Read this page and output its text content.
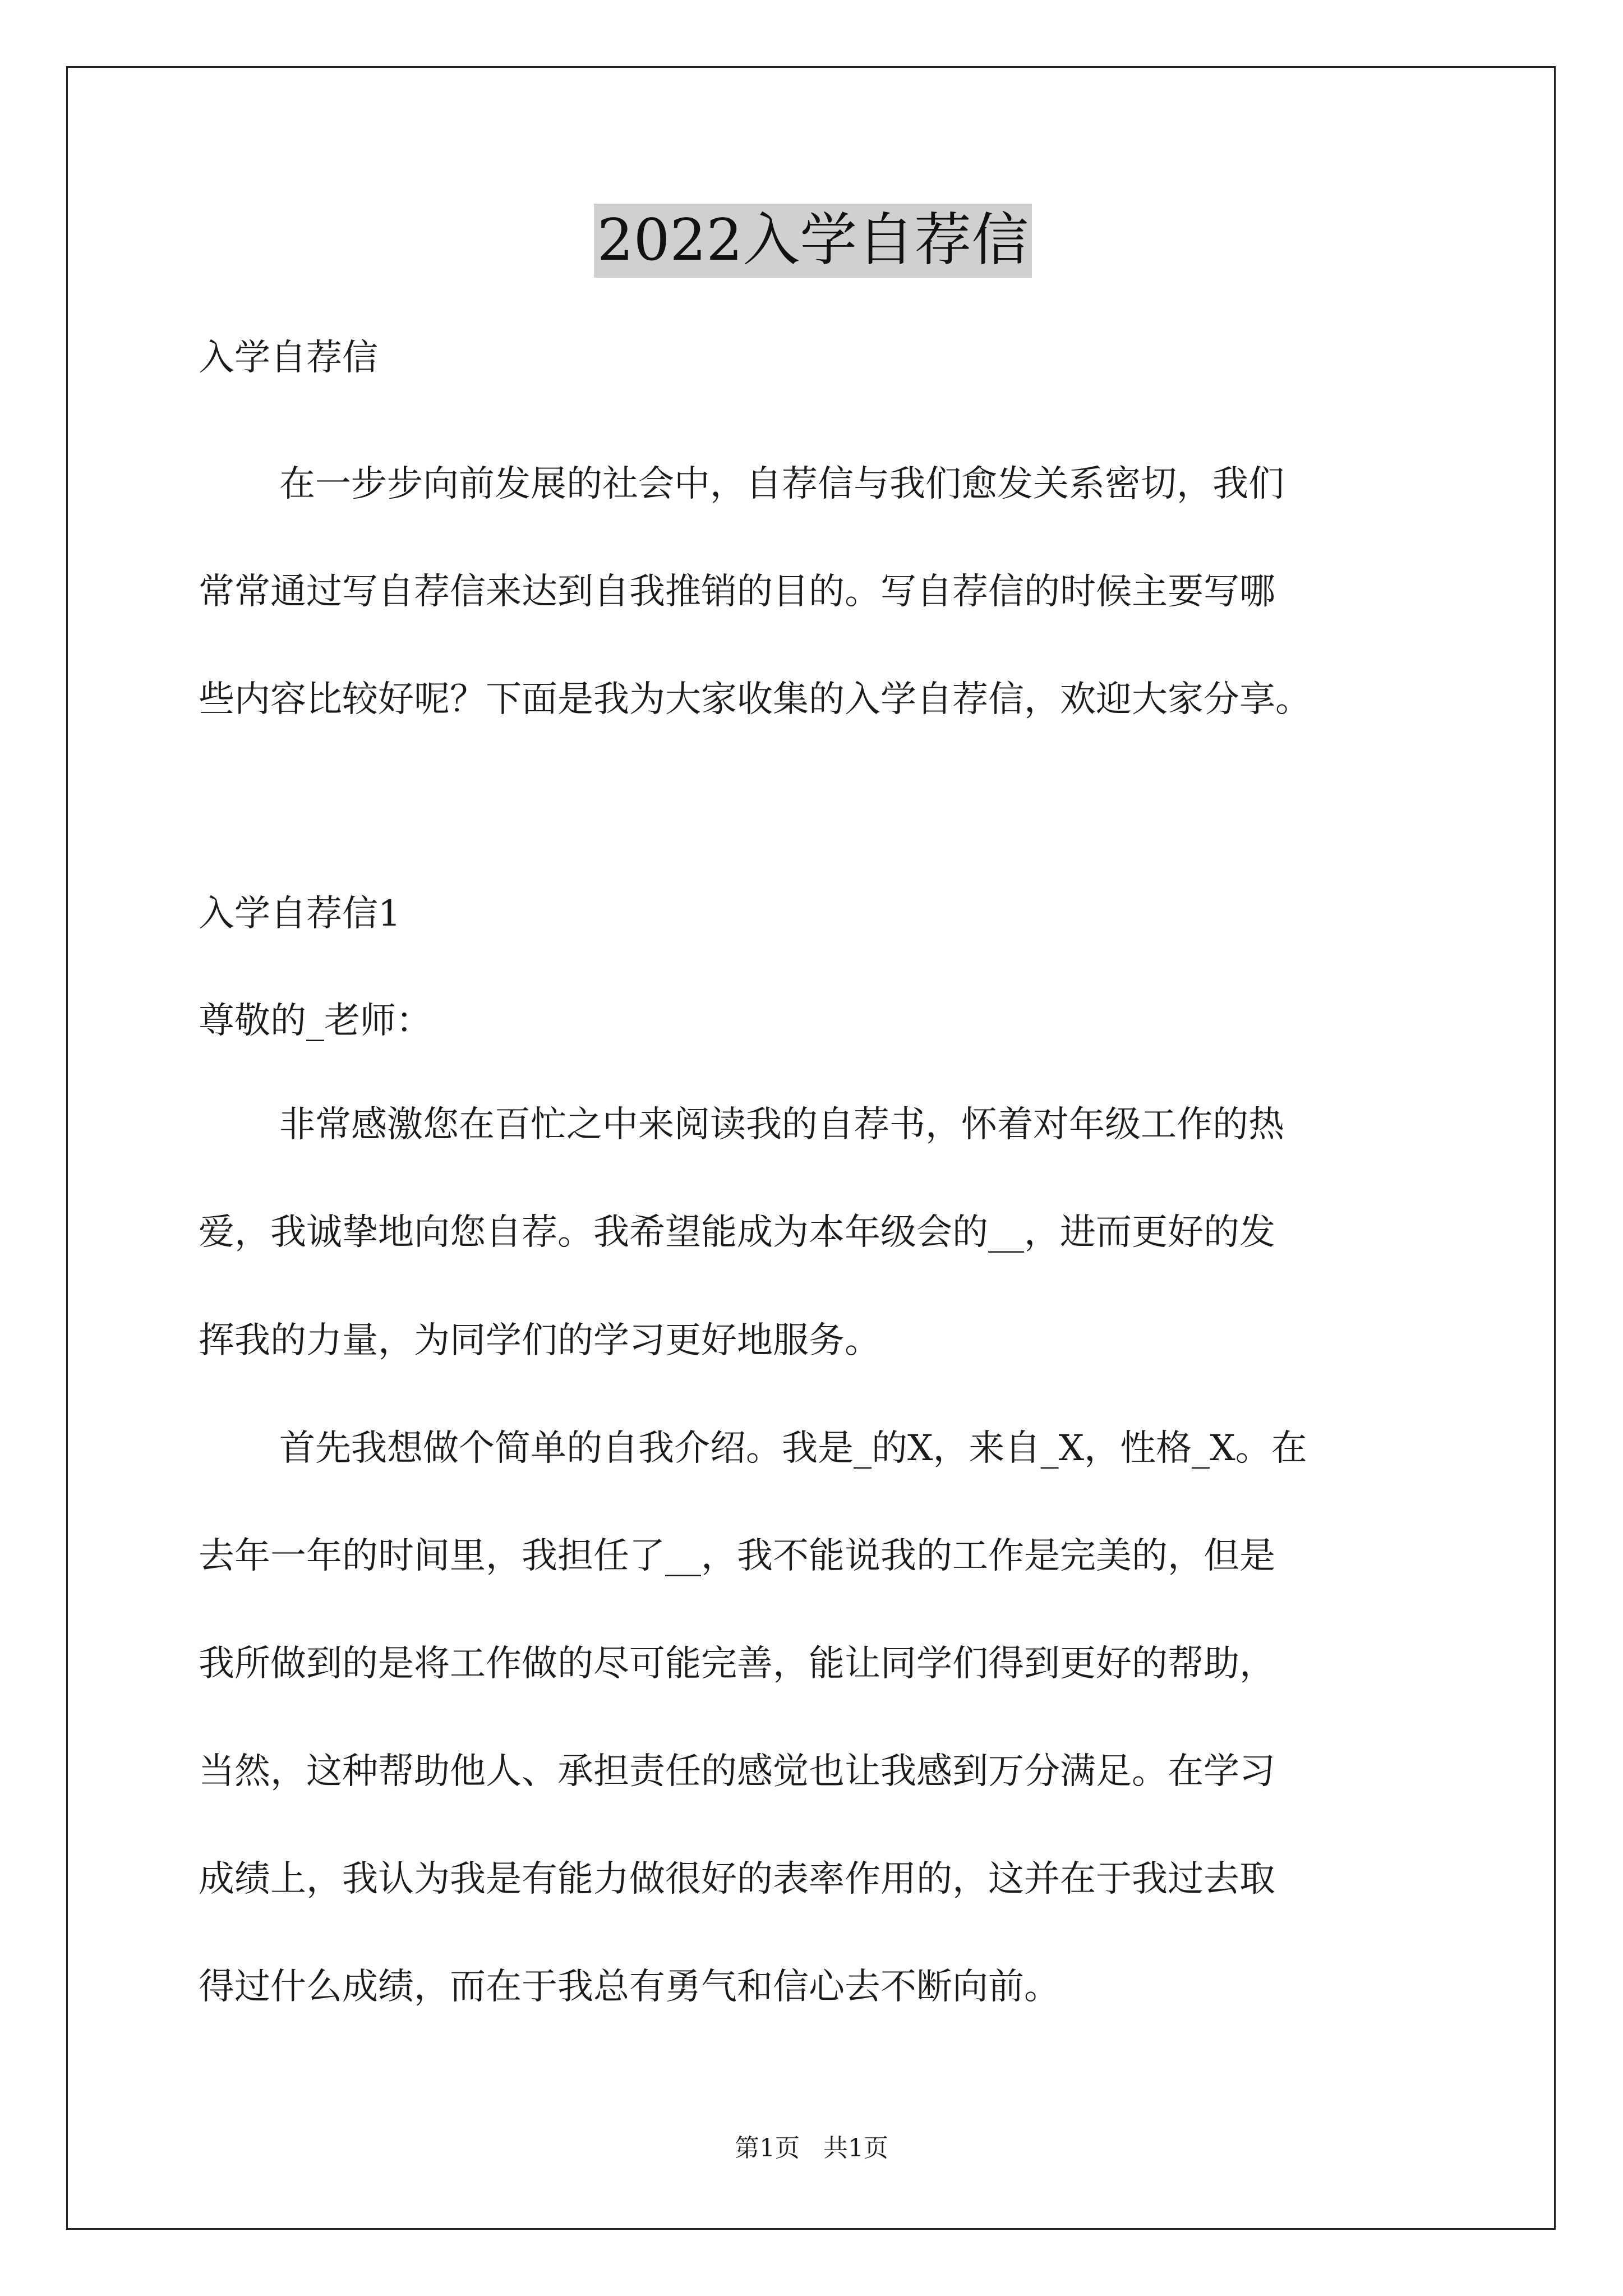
2022入学自荐信
入学自荐信
在一步步向前发展的社会中，自荐信与我们愈发关系密切，我们
常常通过写自荐信来达到自我推销的目的。写自荐信的时候主要写哪
些内容比较好呢？下面是我为大家收集的入学自荐信，欢迎大家分享。
入学自荐信1
尊敬的_老师：
非常感激您在百忙之中来阅读我的自荐书，怀着对年级工作的热
爱，我诚挚地向您自荐。我希望能成为本年级会的__，进而更好的发
挥我的力量，为同学们的学习更好地服务。
首先我想做个简单的自我介绍。我是_的X，来自_X，性格_X。在
去年一年的时间里，我担任了__，我不能说我的工作是完美的，但是
我所做到的是将工作做的尽可能完善，能让同学们得到更好的帮助，
当然，这种帮助他人、承担责任的感觉也让我感到万分满足。在学习
成绩上，我认为我是有能力做很好的表率作用的，这并在于我过去取
得过什么成绩，而在于我总有勇气和信心去不断向前。
第1页   共1页
